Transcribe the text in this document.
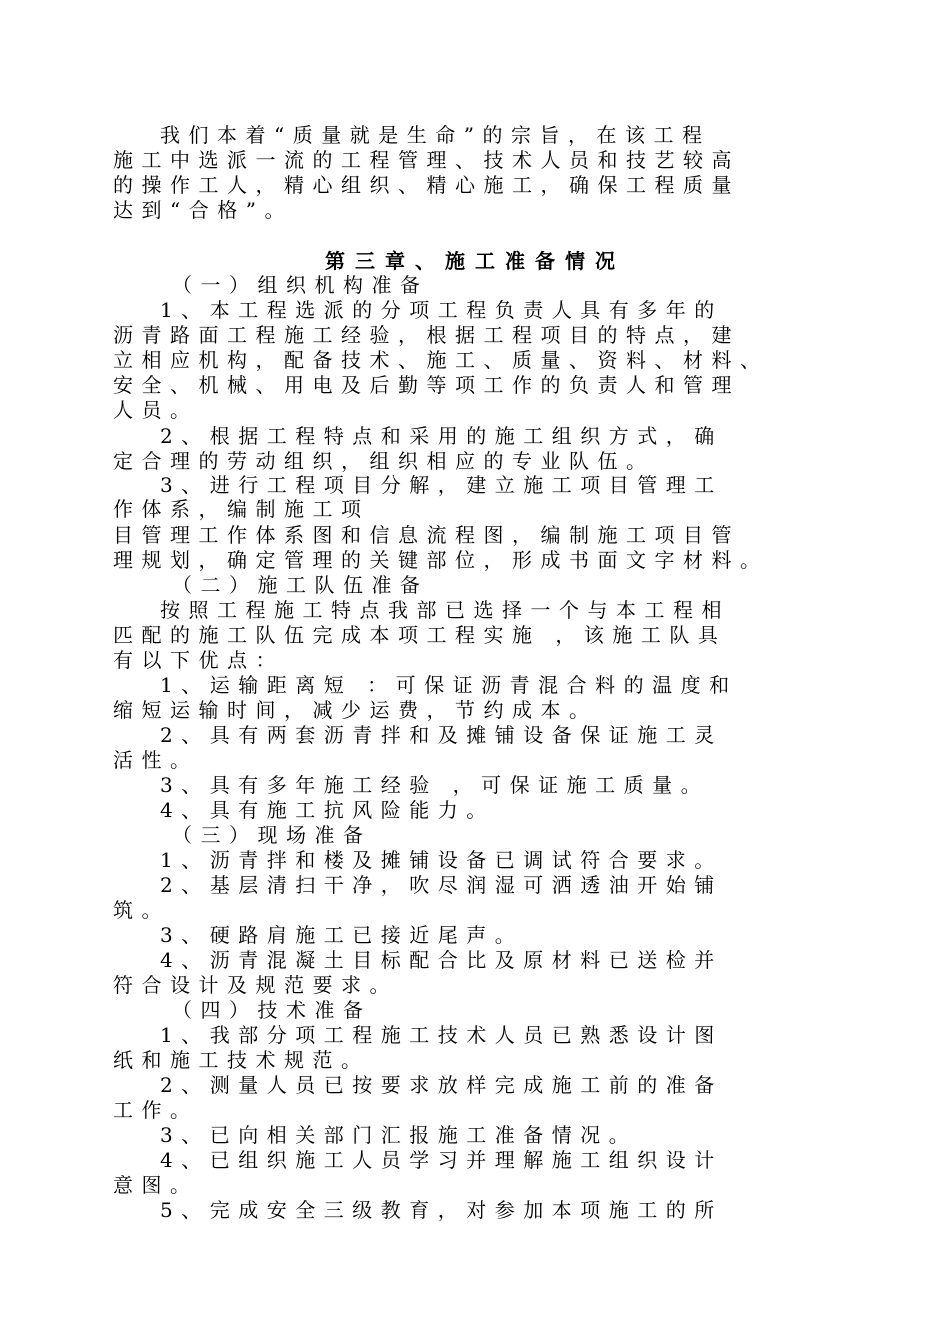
我们本着“质量就是生命”的宗旨，在该工程
施工中选派一流的工程管理、技术人员和技艺较高
的操作工人，精心组织、精心施工，确保工程质量
达到“合格”。
第三章、施工准备情况
（一）组织机构准备
1、本工程选派的分项工程负责人具有多年的
沥青路面工程施工经验，根据工程项目的特点，建
立相应机构，配备技术、施工、质量、资料、材料、
安全、机械、用电及后勤等项工作的负责人和管理
人员。
2、根据工程特点和采用的施工组织方式，确
定合理的劳动组织，组织相应的专业队伍。
3、进行工程项目分解，建立施工项目管理工
作体系，编制施工项
目管理工作体系图和信息流程图，编制施工项目管
理规划，确定管理的关键部位，形成书面文字材料。
（二）施工队伍准备
按照工程施工特点我部已选择一个与本工程相
匹配的施工队伍完成本项工程实施 ，该施工队具
有以下优点：
1、运输距离短 ：可保证沥青混合料的温度和
缩短运输时间，减少运费，节约成本。
2、具有两套沥青拌和及摊铺设备保证施工灵
活性。
3、具有多年施工经验 ，可保证施工质量。
4、具有施工抗风险能力。
（三）现场准备
1、沥青拌和楼及摊铺设备已调试符合要求。
2、基层清扫干净，吹尽润湿可洒透油开始铺
筑。
3、硬路肩施工已接近尾声。
4、沥青混凝土目标配合比及原材料已送检并
符合设计及规范要求。
（四）技术准备
1、我部分项工程施工技术人员已熟悉设计图
纸和施工技术规范。
2、测量人员已按要求放样完成施工前的准备
工作。
3、已向相关部门汇报施工准备情况。
4、已组织施工人员学习并理解施工组织设计
意图。
5、完成安全三级教育，对参加本项施工的所
